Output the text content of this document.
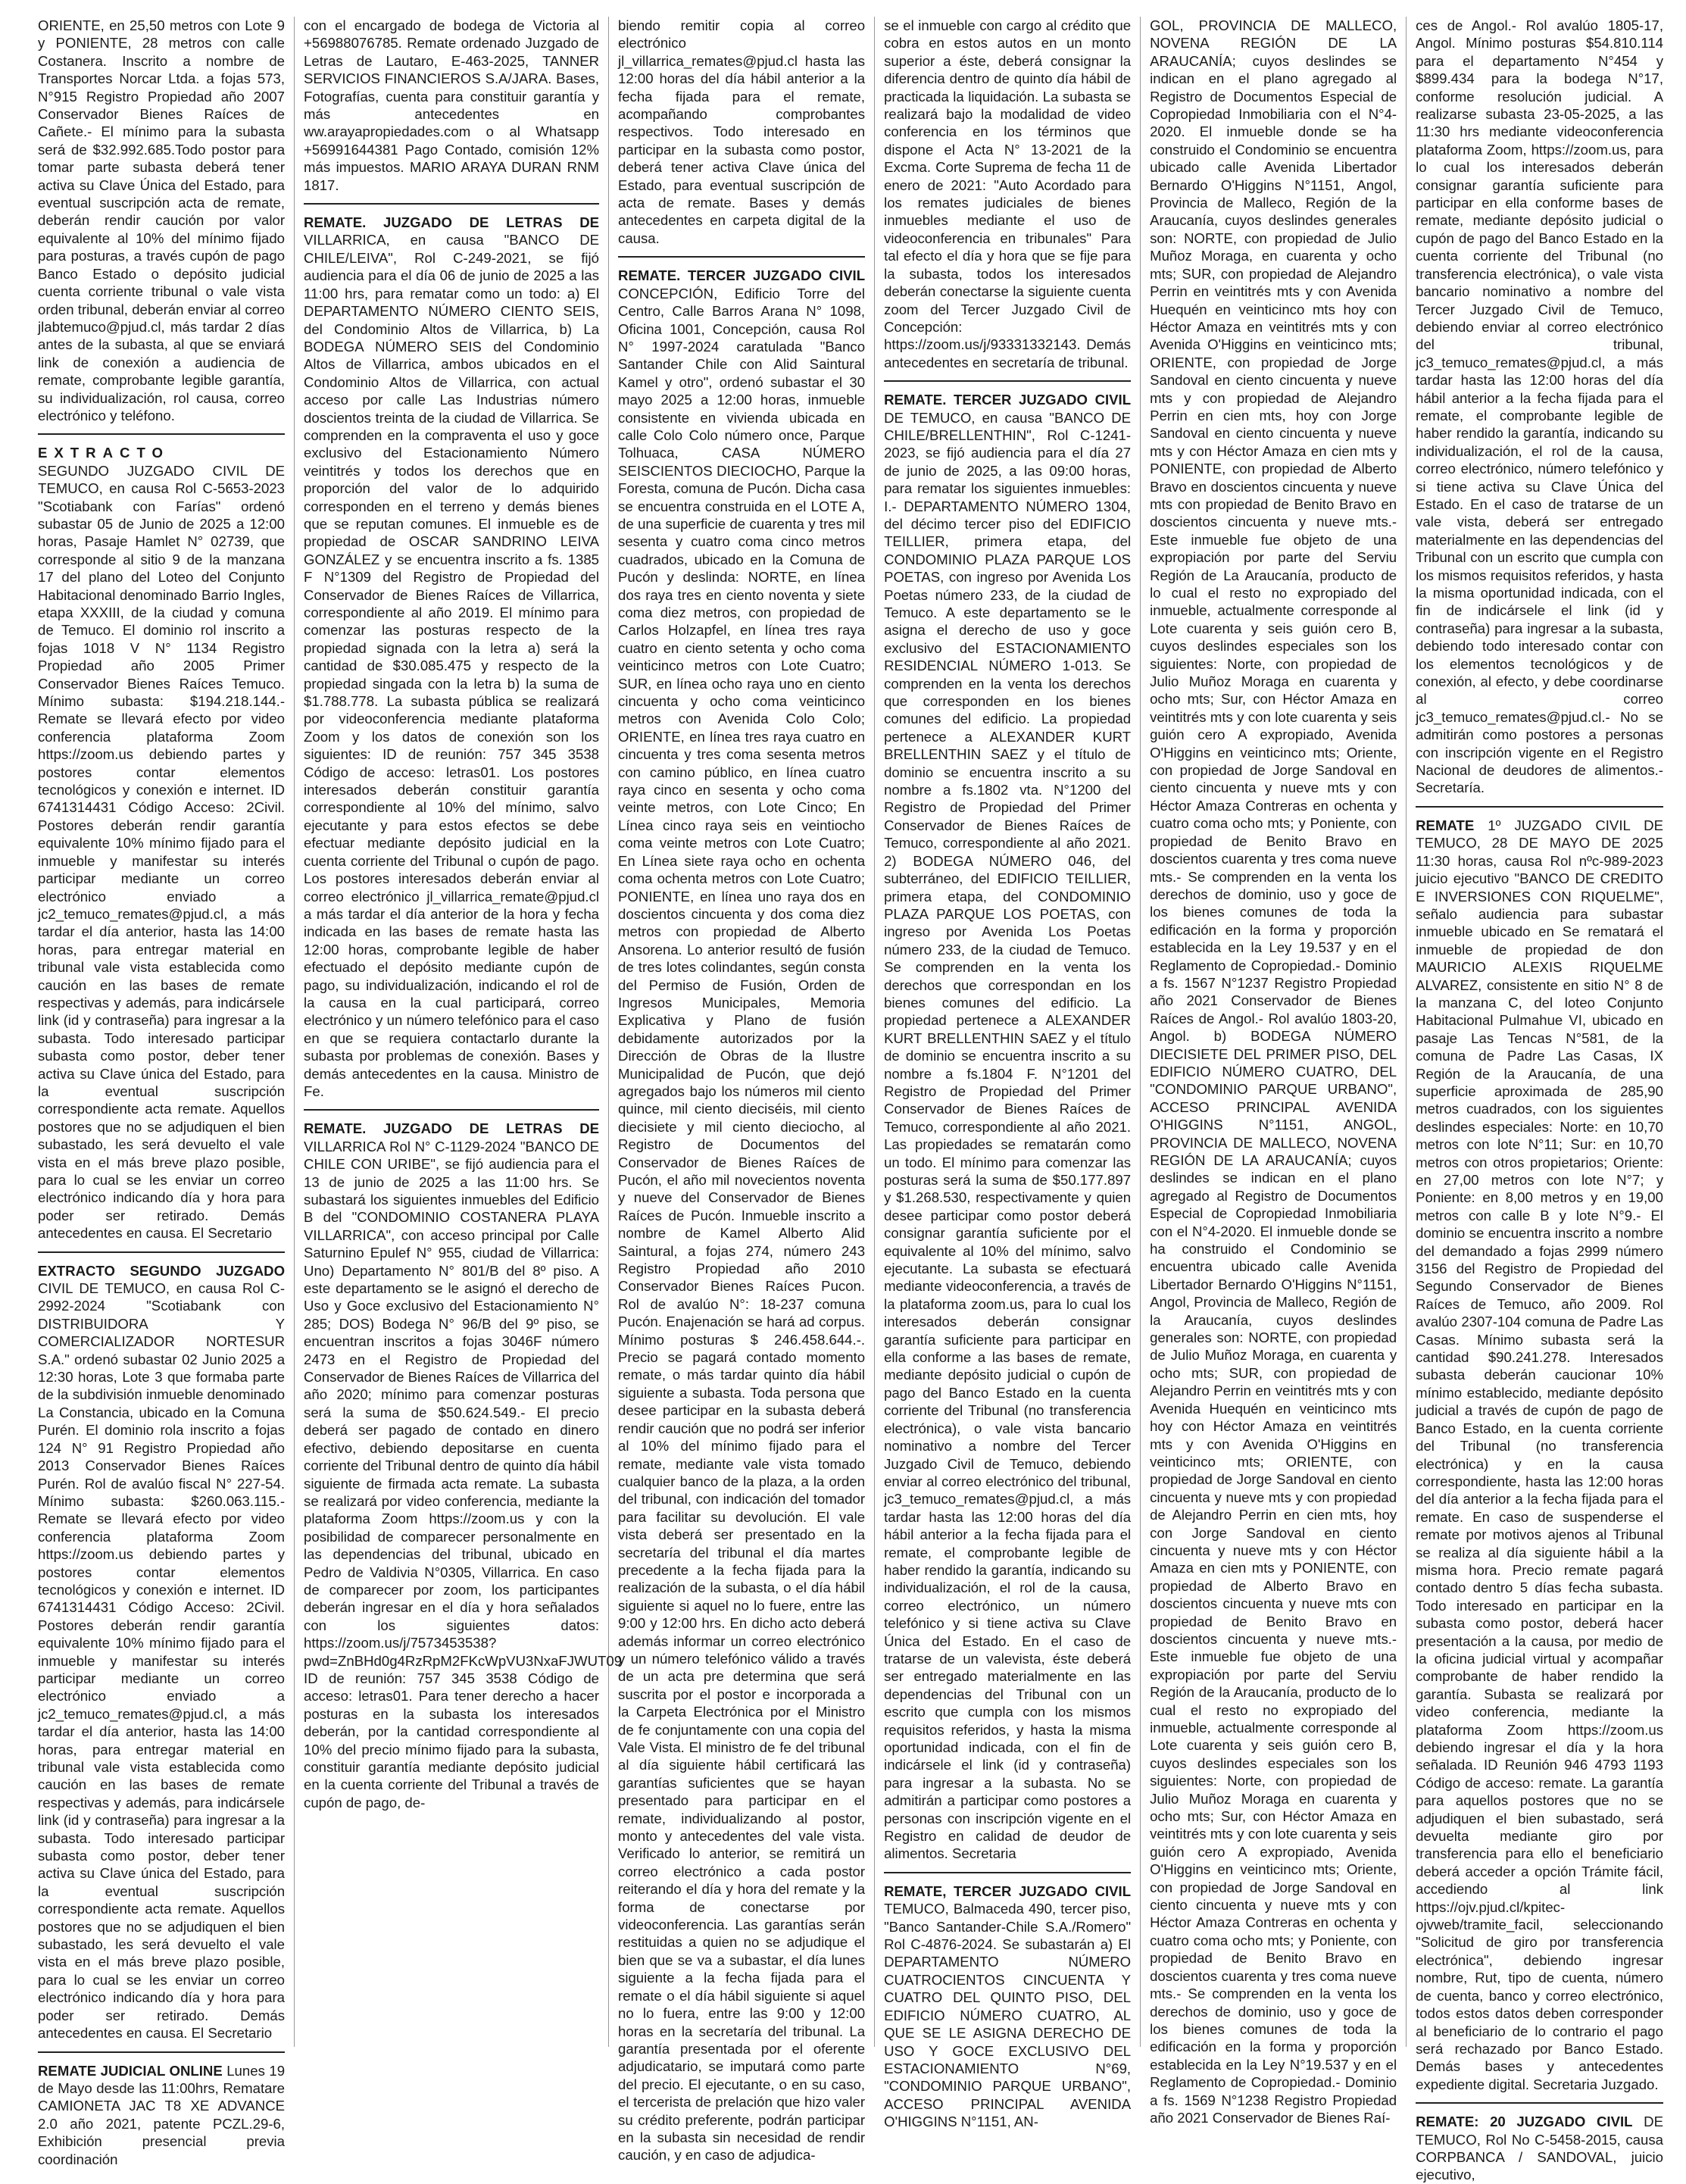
ORIENTE, en 25,50 metros con Lote 9 y PONIENTE, 28 metros con calle Costanera. Inscrito a nombre de Transportes Norcar Ltda. a fojas 573, N°915 Registro Propiedad año 2007 Conservador Bienes Raíces de Cañete.- El mínimo para la subasta será de $32.992.685.Todo postor para tomar parte subasta deberá tener activa su Clave Única del Estado, para eventual suscripción acta de remate, deberán rendir caución por valor equivalente al 10% del mínimo fijado para posturas, a través cupón de pago Banco Estado o depósito judicial cuenta corriente tribunal o vale vista orden tribunal, deberán enviar al correo jlabtemuco@pjud.cl, más tardar 2 días antes de la subasta, al que se enviará link de conexión a audiencia de remate, comprobante legible garantía, su individualización, rol causa, correo electrónico y teléfono.

EXTRACTO

SEGUNDO JUZGADO CIVIL DE TEMUCO, en causa Rol C-5653-2023 "Scotiabank con Farías" ordenó subastar 05 de Junio de 2025 a 12:00 horas, Pasaje Hamlet N° 02739, que corresponde al sitio 9 de la manzana 17 del plano del Loteo del Conjunto Habitacional denominado Barrio Ingles, etapa XXXIII, de la ciudad y comuna de Temuco. El dominio rol inscrito a fojas 1018 V N° 1134 Registro Propiedad año 2005 Primer Conservador Bienes Raíces Temuco. Mínimo subasta: $194.218.144.- Remate se llevará efecto por video conferencia plataforma Zoom https://zoom.us debiendo partes y postores contar elementos tecnológicos y conexión e internet. ID 6741314431 Código Acceso: 2Civil. Postores deberán rendir garantía equivalente 10% mínimo fijado para el inmueble y manifestar su interés participar mediante un correo electrónico enviado a jc2_temuco_remates@pjud.cl, a más tardar el día anterior, hasta las 14:00 horas, para entregar material en tribunal vale vista establecida como caución en las bases de remate respectivas y además, para indicársele link (id y contraseña) para ingresar a la subasta. Todo interesado participar subasta como postor, deber tener activa su Clave única del Estado, para la eventual suscripción correspondiente acta remate. Aquellos postores que no se adjudiquen el bien subastado, les será devuelto el vale vista en el más breve plazo posible, para lo cual se les enviar un correo electrónico indicando día y hora para poder ser retirado. Demás antecedentes en causa. El Secretario

EXTRACTO SEGUNDO JUZGADO CIVIL DE TEMUCO, en causa Rol C-2992-2024 "Scotiabank con DISTRIBUIDORA Y COMERCIALIZADOR NORTESUR S.A." ordenó subastar 02 Junio 2025 a 12:30 horas, Lote 3 que formaba parte de la subdivisión inmueble denominado La Constancia, ubicado en la Comuna Purén. El dominio rola inscrito a fojas 124 N° 91 Registro Propiedad año 2013 Conservador Bienes Raíces Purén. Rol de avalúo fiscal N° 227-54. Mínimo subasta: $260.063.115.- Remate se llevará efecto por video conferencia plataforma Zoom https://zoom.us debiendo partes y postores contar elementos tecnológicos y conexión e internet. ID 6741314431 Código Acceso: 2Civil. Postores deberán rendir garantía equivalente 10% mínimo fijado para el inmueble y manifestar su interés participar mediante un correo electrónico enviado a jc2_temuco_remates@pjud.cl, a más tardar el día anterior, hasta las 14:00 horas, para entregar material en tribunal vale vista establecida como caución en las bases de remate respectivas y además, para indicársele link (id y contraseña) para ingresar a la subasta. Todo interesado participar subasta como postor, deber tener activa su Clave única del Estado, para la eventual suscripción correspondiente acta remate. Aquellos postores que no se adjudiquen el bien subastado, les será devuelto el vale vista en el más breve plazo posible, para lo cual se les enviar un correo electrónico indicando día y hora para poder ser retirado. Demás antecedentes en causa. El Secretario

REMATE JUDICIAL ONLINE Lunes 19 de Mayo desde las 11:00hrs, Rematare CAMIONETA JAC T8 XE ADVANCE 2.0 año 2021, patente PCZL.29-6, Exhibición presencial previa coordinación

con el encargado de bodega de Victoria al +56988076785. Remate ordenado Juzgado de Letras de Lautaro, E-463-2025, TANNER SERVICIOS FINANCIEROS S.A/JARA. Bases, Fotografías, cuenta para constituir garantía y más antecedentes en ww.arayapropiedades.com o al Whatsapp +56991644381 Pago Contado, comisión 12% más impuestos. MARIO ARAYA DURAN RNM 1817.

REMATE. JUZGADO DE LETRAS DE VILLARRICA, en causa "BANCO DE CHILE/LEIVA", Rol C-249-2021, se fijó audiencia para el día 06 de junio de 2025 a las 11:00 hrs, para rematar como un todo: a) El DEPARTAMENTO NÚMERO CIENTO SEIS, del Condominio Altos de Villarrica, b) La BODEGA NÚMERO SEIS del Condominio Altos de Villarrica, ambos ubicados en el Condominio Altos de Villarrica, con actual acceso por calle Las Industrias número doscientos treinta de la ciudad de Villarrica. Se comprenden en la compraventa el uso y goce exclusivo del Estacionamiento Número veintitrés y todos los derechos que en proporción del valor de lo adquirido corresponden en el terreno y demás bienes que se reputan comunes. El inmueble es de propiedad de OSCAR SANDRINO LEIVA GONZÁLEZ y se encuentra inscrito a fs. 1385 F N°1309 del Registro de Propiedad del Conservador de Bienes Raíces de Villarrica, correspondiente al año 2019. El mínimo para comenzar las posturas respecto de la propiedad signada con la letra a) será la cantidad de $30.085.475 y respecto de la propiedad singada con la letra b) la suma de $1.788.778. La subasta pública se realizará por videoconferencia mediante plataforma Zoom y los datos de conexión son los siguientes: ID de reunión: 757 345 3538 Código de acceso: letras01. Los postores interesados deberán constituir garantía correspondiente al 10% del mínimo, salvo ejecutante y para estos efectos se debe efectuar mediante depósito judicial en la cuenta corriente del Tribunal o cupón de pago. Los postores interesados deberán enviar al correo electrónico jl_villarrica_remate@pjud.cl a más tardar el día anterior de la hora y fecha indicada en las bases de remate hasta las 12:00 horas, comprobante legible de haber efectuado el depósito mediante cupón de pago, su individualización, indicando el rol de la causa en la cual participará, correo electrónico y un número telefónico para el caso en que se requiera contactarlo durante la subasta por problemas de conexión. Bases y demás antecedentes en la causa. Ministro de Fe.

REMATE. JUZGADO DE LETRAS DE VILLARRICA Rol N° C-1129-2024 "BANCO DE CHILE CON URIBE", se fijó audiencia para el 13 de junio de 2025 a las 11:00 hrs. Se subastará los siguientes inmuebles del Edificio B del "CONDOMINIO COSTANERA PLAYA VILLARRICA", con acceso principal por Calle Saturnino Epulef N° 955, ciudad de Villarrica: Uno) Departamento N° 801/B del 8º piso. A este departamento se le asignó el derecho de Uso y Goce exclusivo del Estacionamiento N° 285; DOS) Bodega N° 96/B del 9º piso, se encuentran inscritos a fojas 3046F número 2473 en el Registro de Propiedad del Conservador de Bienes Raíces de Villarrica del año 2020; mínimo para comenzar posturas será la suma de $50.624.549.- El precio deberá ser pagado de contado en dinero efectivo, debiendo depositarse en cuenta corriente del Tribunal dentro de quinto día hábil siguiente de firmada acta remate. La subasta se realizará por video conferencia, mediante la plataforma Zoom https://zoom.us y con la posibilidad de comparecer personalmente en las dependencias del tribunal, ubicado en Pedro de Valdivia N°0305, Villarrica. En caso de comparecer por zoom, los participantes deberán ingresar en el día y hora señalados con los siguientes datos: https://zoom.us/j/7573453538?pwd=ZnBHd0g4RzRpM2FKcWpVU3NxaFJWUT09 ID de reunión: 757 345 3538 Código de acceso: letras01. Para tener derecho a hacer posturas en la subasta los interesados deberán, por la cantidad correspondiente al 10% del precio mínimo fijado para la subasta, constituir garantía mediante depósito judicial en la cuenta corriente del Tribunal a través de cupón de pago, de-

biendo remitir copia al correo electrónico jl_villarrica_remates@pjud.cl hasta las 12:00 horas del día hábil anterior a la fecha fijada para el remate, acompañando comprobantes respectivos. Todo interesado en participar en la subasta como postor, deberá tener activa Clave única del Estado, para eventual suscripción de acta de remate. Bases y demás antecedentes en carpeta digital de la causa.

REMATE. TERCER JUZGADO CIVIL CONCEPCIÓN, Edificio Torre del Centro, Calle Barros Arana N° 1098, Oficina 1001, Concepción, causa Rol N° 1997-2024 caratulada "Banco Santander Chile con Alid Saintural Kamel y otro", ordenó subastar el 30 mayo 2025 a 12:00 horas, inmueble consistente en vivienda ubicada en calle Colo Colo número once, Parque Tolhuaca, CASA NÚMERO SEISCIENTOS DIECIOCHO, Parque la Foresta, comuna de Pucón. Dicha casa se encuentra construida en el LOTE A, de una superficie de cuarenta y tres mil sesenta y cuatro coma cinco metros cuadrados, ubicado en la Comuna de Pucón y deslinda: NORTE, en línea dos raya tres en ciento noventa y siete coma diez metros, con propiedad de Carlos Holzapfel, en línea tres raya cuatro en ciento setenta y ocho coma veinticinco metros con Lote Cuatro; SUR, en línea ocho raya uno en ciento cincuenta y ocho coma veinticinco metros con Avenida Colo Colo; ORIENTE, en línea tres raya cuatro en cincuenta y tres coma sesenta metros con camino público, en línea cuatro raya cinco en sesenta y ocho coma veinte metros, con Lote Cinco; En Línea cinco raya seis en veintiocho coma veinte metros con Lote Cuatro; En Línea siete raya ocho en ochenta coma ochenta metros con Lote Cuatro; PONIENTE, en línea uno raya dos en doscientos cincuenta y dos coma diez metros con propiedad de Alberto Ansorena. Lo anterior resultó de fusión de tres lotes colindantes, según consta del Permiso de Fusión, Orden de Ingresos Municipales, Memoria Explicativa y Plano de fusión debidamente autorizados por la Dirección de Obras de la Ilustre Municipalidad de Pucón, que dejó agregados bajo los números mil ciento quince, mil ciento dieciséis, mil ciento diecisiete y mil ciento dieciocho, al Registro de Documentos del Conservador de Bienes Raíces de Pucón, el año mil novecientos noventa y nueve del Conservador de Bienes Raíces de Pucón. Inmueble inscrito a nombre de Kamel Alberto Alid Saintural, a fojas 274, número 243 Registro Propiedad año 2010 Conservador Bienes Raíces Pucon. Rol de avalúo N°: 18-237 comuna Pucón. Enajenación se hará ad corpus. Mínimo posturas $ 246.458.644.-. Precio se pagará contado momento remate, o más tardar quinto día hábil siguiente a subasta. Toda persona que desee participar en la subasta deberá rendir caución que no podrá ser inferior al 10% del mínimo fijado para el remate, mediante vale vista tomado cualquier banco de la plaza, a la orden del tribunal, con indicación del tomador para facilitar su devolución. El vale vista deberá ser presentado en la secretaría del tribunal el día martes precedente a la fecha fijada para la realización de la subasta, o el día hábil siguiente si aquel no lo fuere, entre las 9:00 y 12:00 hrs. En dicho acto deberá además informar un correo electrónico y un número telefónico válido a través de un acta pre determina que será suscrita por el postor e incorporada a la Carpeta Electrónica por el Ministro de fe conjuntamente con una copia del Vale Vista. El ministro de fe del tribunal al día siguiente hábil certificará las garantías suficientes que se hayan presentado para participar en el remate, individualizando al postor, monto y antecedentes del vale vista. Verificado lo anterior, se remitirá un correo electrónico a cada postor reiterando el día y hora del remate y la forma de conectarse por videoconferencia. Las garantías serán restituidas a quien no se adjudique el bien que se va a subastar, el día lunes siguiente a la fecha fijada para el remate o el día hábil siguiente si aquel no lo fuera, entre las 9:00 y 12:00 horas en la secretaría del tribunal. La garantía presentada por el oferente adjudicatario, se imputará como parte del precio. El ejecutante, o en su caso, el tercerista de prelación que hizo valer su crédito preferente, podrán participar en la subasta sin necesidad de rendir caución, y en caso de adjudica-

se el inmueble con cargo al crédito que cobra en estos autos en un monto superior a éste, deberá consignar la diferencia dentro de quinto día hábil de practicada la liquidación. La subasta se realizará bajo la modalidad de video conferencia en los términos que dispone el Acta N° 13-2021 de la Excma. Corte Suprema de fecha 11 de enero de 2021: "Auto Acordado para los remates judiciales de bienes inmuebles mediante el uso de videoconferencia en tribunales" Para tal efecto el día y hora que se fije para la subasta, todos los interesados deberán conectarse la siguiente cuenta zoom del Tercer Juzgado Civil de Concepción: https://zoom.us/j/93331332143. Demás antecedentes en secretaría de tribunal.

REMATE. TERCER JUZGADO CIVIL DE TEMUCO, en causa "BANCO DE CHILE/BRELLENTHIN", Rol C-1241-2023, se fijó audiencia para el día 27 de junio de 2025, a las 09:00 horas, para rematar los siguientes inmuebles: I.- DEPARTAMENTO NÚMERO 1304, del décimo tercer piso del EDIFICIO TEILLIER, primera etapa, del CONDOMINIO PLAZA PARQUE LOS POETAS, con ingreso por Avenida Los Poetas número 233, de la ciudad de Temuco. A este departamento se le asigna el derecho de uso y goce exclusivo del ESTACIONAMIENTO RESIDENCIAL NÚMERO 1-013. Se comprenden en la venta los derechos que corresponden en los bienes comunes del edificio. La propiedad pertenece a ALEXANDER KURT BRELLENTHIN SAEZ y el título de dominio se encuentra inscrito a su nombre a fs.1802 vta. N°1200 del Registro de Propiedad del Primer Conservador de Bienes Raíces de Temuco, correspondiente al año 2021. 2) BODEGA NÚMERO 046, del subterráneo, del EDIFICIO TEILLIER, primera etapa, del CONDOMINIO PLAZA PARQUE LOS POETAS, con ingreso por Avenida Los Poetas número 233, de la ciudad de Temuco. Se comprenden en la venta los derechos que correspondan en los bienes comunes del edificio. La propiedad pertenece a ALEXANDER KURT BRELLENTHIN SAEZ y el título de dominio se encuentra inscrito a su nombre a fs.1804 F. N°1201 del Registro de Propiedad del Primer Conservador de Bienes Raíces de Temuco, correspondiente al año 2021. Las propiedades se rematarán como un todo. El mínimo para comenzar las posturas será la suma de $50.177.897 y $1.268.530, respectivamente y quien desee participar como postor deberá consignar garantía suficiente por el equivalente al 10% del mínimo, salvo ejecutante. La subasta se efectuará mediante videoconferencia, a través de la plataforma zoom.us, para lo cual los interesados deberán consignar garantía suficiente para participar en ella conforme a las bases de remate, mediante depósito judicial o cupón de pago del Banco Estado en la cuenta corriente del Tribunal (no transferencia electrónica), o vale vista bancario nominativo a nombre del Tercer Juzgado Civil de Temuco, debiendo enviar al correo electrónico del tribunal, jc3_temuco_remates@pjud.cl, a más tardar hasta las 12:00 horas del día hábil anterior a la fecha fijada para el remate, el comprobante legible de haber rendido la garantía, indicando su individualización, el rol de la causa, correo electrónico, un número telefónico y si tiene activa su Clave Única del Estado. En el caso de tratarse de un valevista, éste deberá ser entregado materialmente en las dependencias del Tribunal con un escrito que cumpla con los mismos requisitos referidos, y hasta la misma oportunidad indicada, con el fin de indicársele el link (id y contraseña) para ingresar a la subasta. No se admitirán a participar como postores a personas con inscripción vigente en el Registro en calidad de deudor de alimentos. Secretaria

REMATE, TERCER JUZGADO CIVIL TEMUCO, Balmaceda 490, tercer piso, "Banco Santander-Chile S.A./Romero" Rol C-4876-2024. Se subastarán a) El DEPARTAMENTO NÚMERO CUATROCIENTOS CINCUENTA Y CUATRO DEL QUINTO PISO, DEL EDIFICIO NÚMERO CUATRO, AL QUE SE LE ASIGNA DERECHO DE USO Y GOCE EXCLUSIVO DEL ESTACIONAMIENTO N°69, "CONDOMINIO PARQUE URBANO", ACCESO PRINCIPAL AVENIDA O'HIGGINS N°1151, AN-

GOL, PROVINCIA DE MALLECO, NOVENA REGIÓN DE LA ARAUCANÍA; cuyos deslindes se indican en el plano agregado al Registro de Documentos Especial de Copropiedad Inmobiliaria con el N°4-2020. El inmueble donde se ha construido el Condominio se encuentra ubicado calle Avenida Libertador Bernardo O'Higgins N°1151, Angol, Provincia de Malleco, Región de la Araucanía, cuyos deslindes generales son: NORTE, con propiedad de Julio Muñoz Moraga, en cuarenta y ocho mts; SUR, con propiedad de Alejandro Perrin en veintitrés mts y con Avenida Huequén en veinticinco mts hoy con Héctor Amaza en veintitrés mts y con Avenida O'Higgins en veinticinco mts; ORIENTE, con propiedad de Jorge Sandoval en ciento cincuenta y nueve mts y con propiedad de Alejandro Perrin en cien mts, hoy con Jorge Sandoval en ciento cincuenta y nueve mts y con Héctor Amaza en cien mts y PONIENTE, con propiedad de Alberto Bravo en doscientos cincuenta y nueve mts con propiedad de Benito Bravo en doscientos cincuenta y nueve mts.- Este inmueble fue objeto de una expropiación por parte del Serviu Región de La Araucanía, producto de lo cual el resto no expropiado del inmueble, actualmente corresponde al Lote cuarenta y seis guión cero B, cuyos deslindes especiales son los siguientes: Norte, con propiedad de Julio Muñoz Moraga en cuarenta y ocho mts; Sur, con Héctor Amaza en veintitrés mts y con lote cuarenta y seis guión cero A expropiado, Avenida O'Higgins en veinticinco mts; Oriente, con propiedad de Jorge Sandoval en ciento cincuenta y nueve mts y con Héctor Amaza Contreras en ochenta y cuatro coma ocho mts; y Poniente, con propiedad de Benito Bravo en doscientos cuarenta y tres coma nueve mts.- Se comprenden en la venta los derechos de dominio, uso y goce de los bienes comunes de toda la edificación en la forma y proporción establecida en la Ley 19.537 y en el Reglamento de Copropiedad.- Dominio a fs. 1567 N°1237 Registro Propiedad año 2021 Conservador de Bienes Raíces de Angol.- Rol avalúo 1803-20, Angol. b) BODEGA NÚMERO DIECISIETE DEL PRIMER PISO, DEL EDIFICIO NÚMERO CUATRO, DEL "CONDOMINIO PARQUE URBANO", ACCESO PRINCIPAL AVENIDA O'HIGGINS N°1151, ANGOL, PROVINCIA DE MALLECO, NOVENA REGIÓN DE LA ARAUCANÍA; cuyos deslindes se indican en el plano agregado al Registro de Documentos Especial de Copropiedad Inmobiliaria con el N°4-2020. El inmueble donde se ha construido el Condominio se encuentra ubicado calle Avenida Libertador Bernardo O'Higgins N°1151, Angol, Provincia de Malleco, Región de la Araucanía, cuyos deslindes generales son: NORTE, con propiedad de Julio Muñoz Moraga, en cuarenta y ocho mts; SUR, con propiedad de Alejandro Perrin en veintitrés mts y con Avenida Huequén en veinticinco mts hoy con Héctor Amaza en veintitrés mts y con Avenida O'Higgins en veinticinco mts; ORIENTE, con propiedad de Jorge Sandoval en ciento cincuenta y nueve mts y con propiedad de Alejandro Perrin en cien mts, hoy con Jorge Sandoval en ciento cincuenta y nueve mts y con Héctor Amaza en cien mts y PONIENTE, con propiedad de Alberto Bravo en doscientos cincuenta y nueve mts con propiedad de Benito Bravo en doscientos cincuenta y nueve mts.- Este inmueble fue objeto de una expropiación por parte del Serviu Región de la Araucanía, producto de lo cual el resto no expropiado del inmueble, actualmente corresponde al Lote cuarenta y seis guión cero B, cuyos deslindes especiales son los siguientes: Norte, con propiedad de Julio Muñoz Moraga en cuarenta y ocho mts; Sur, con Héctor Amaza en veintitrés mts y con lote cuarenta y seis guión cero A expropiado, Avenida O'Higgins en veinticinco mts; Oriente, con propiedad de Jorge Sandoval en ciento cincuenta y nueve mts y con Héctor Amaza Contreras en ochenta y cuatro coma ocho mts; y Poniente, con propiedad de Benito Bravo en doscientos cuarenta y tres coma nueve mts.- Se comprenden en la venta los derechos de dominio, uso y goce de los bienes comunes de toda la edificación en la forma y proporción establecida en la Ley N°19.537 y en el Reglamento de Copropiedad.- Dominio a fs. 1569 N°1238 Registro Propiedad año 2021 Conservador de Bienes Raí-

ces de Angol.- Rol avalúo 1805-17, Angol. Mínimo posturas $54.810.114 para el departamento N°454 y $899.434 para la bodega N°17, conforme resolución judicial. A realizarse subasta 23-05-2025, a las 11:30 hrs mediante videoconferencia plataforma Zoom, https://zoom.us, para lo cual los interesados deberán consignar garantía suficiente para participar en ella conforme bases de remate, mediante depósito judicial o cupón de pago del Banco Estado en la cuenta corriente del Tribunal (no transferencia electrónica), o vale vista bancario nominativo a nombre del Tercer Juzgado Civil de Temuco, debiendo enviar al correo electrónico del tribunal, jc3_temuco_remates@pjud.cl, a más tardar hasta las 12:00 horas del día hábil anterior a la fecha fijada para el remate, el comprobante legible de haber rendido la garantía, indicando su individualización, el rol de la causa, correo electrónico, número telefónico y si tiene activa su Clave Única del Estado. En el caso de tratarse de un vale vista, deberá ser entregado materialmente en las dependencias del Tribunal con un escrito que cumpla con los mismos requisitos referidos, y hasta la misma oportunidad indicada, con el fin de indicársele el link (id y contraseña) para ingresar a la subasta, debiendo todo interesado contar con los elementos tecnológicos y de conexión, al efecto, y debe coordinarse al correo jc3_temuco_remates@pjud.cl.- No se admitirán como postores a personas con inscripción vigente en el Registro Nacional de deudores de alimentos.- Secretaría.

REMATE 1º JUZGADO CIVIL DE TEMUCO, 28 DE MAYO DE 2025 11:30 horas, causa Rol nºc-989-2023 juicio ejecutivo "BANCO DE CREDITO E INVERSIONES CON RIQUELME", señalo audiencia para subastar inmueble ubicado en Se rematará el inmueble de propiedad de don MAURICIO ALEXIS RIQUELME ALVAREZ, consistente en sitio N° 8 de la manzana C, del loteo Conjunto Habitacional Pulmahue VI, ubicado en pasaje Las Tencas N°581, de la comuna de Padre Las Casas, IX Región de la Araucanía, de una superficie aproximada de 285,90 metros cuadrados, con los siguientes deslindes especiales: Norte: en 10,70 metros con lote N°11; Sur: en 10,70 metros con otros propietarios; Oriente: en 27,00 metros con lote N°7; y Poniente: en 8,00 metros y en 19,00 metros con calle B y lote N°9.- El dominio se encuentra inscrito a nombre del demandado a fojas 2999 número 3156 del Registro de Propiedad del Segundo Conservador de Bienes Raíces de Temuco, año 2009. Rol avalúo 2307-104 comuna de Padre Las Casas. Mínimo subasta será la cantidad $90.241.278. Interesados subasta deberán caucionar 10% mínimo establecido, mediante depósito judicial a través de cupón de pago de Banco Estado, en la cuenta corriente del Tribunal (no transferencia electrónica) y en la causa correspondiente, hasta las 12:00 horas del día anterior a la fecha fijada para el remate. En caso de suspenderse el remate por motivos ajenos al Tribunal se realiza al día siguiente hábil a la misma hora. Precio remate pagará contado dentro 5 días fecha subasta. Todo interesado en participar en la subasta como postor, deberá hacer presentación a la causa, por medio de la oficina judicial virtual y acompañar comprobante de haber rendido la garantía. Subasta se realizará por video conferencia, mediante la plataforma Zoom https://zoom.us debiendo ingresar el día y la hora señalada. ID Reunión 946 4793 1193 Código de acceso: remate. La garantía para aquellos postores que no se adjudiquen el bien subastado, será devuelta mediante giro por transferencia para ello el beneficiario deberá acceder a opción Trámite fácil, accediendo al link https://ojv.pjud.cl/kpitec-ojvweb/tramite_facil, seleccionando "Solicitud de giro por transferencia electrónica", debiendo ingresar nombre, Rut, tipo de cuenta, número de cuenta, banco y correo electrónico, todos estos datos deben corresponder al beneficiario de lo contrario el pago será rechazado por Banco Estado. Demás bases y antecedentes expediente digital. Secretaria Juzgado.

REMATE: 20 JUZGADO CIVIL DE TEMUCO, Rol No C-5458-2015, causa CORPBANCA / SANDOVAL, juicio ejecutivo,
